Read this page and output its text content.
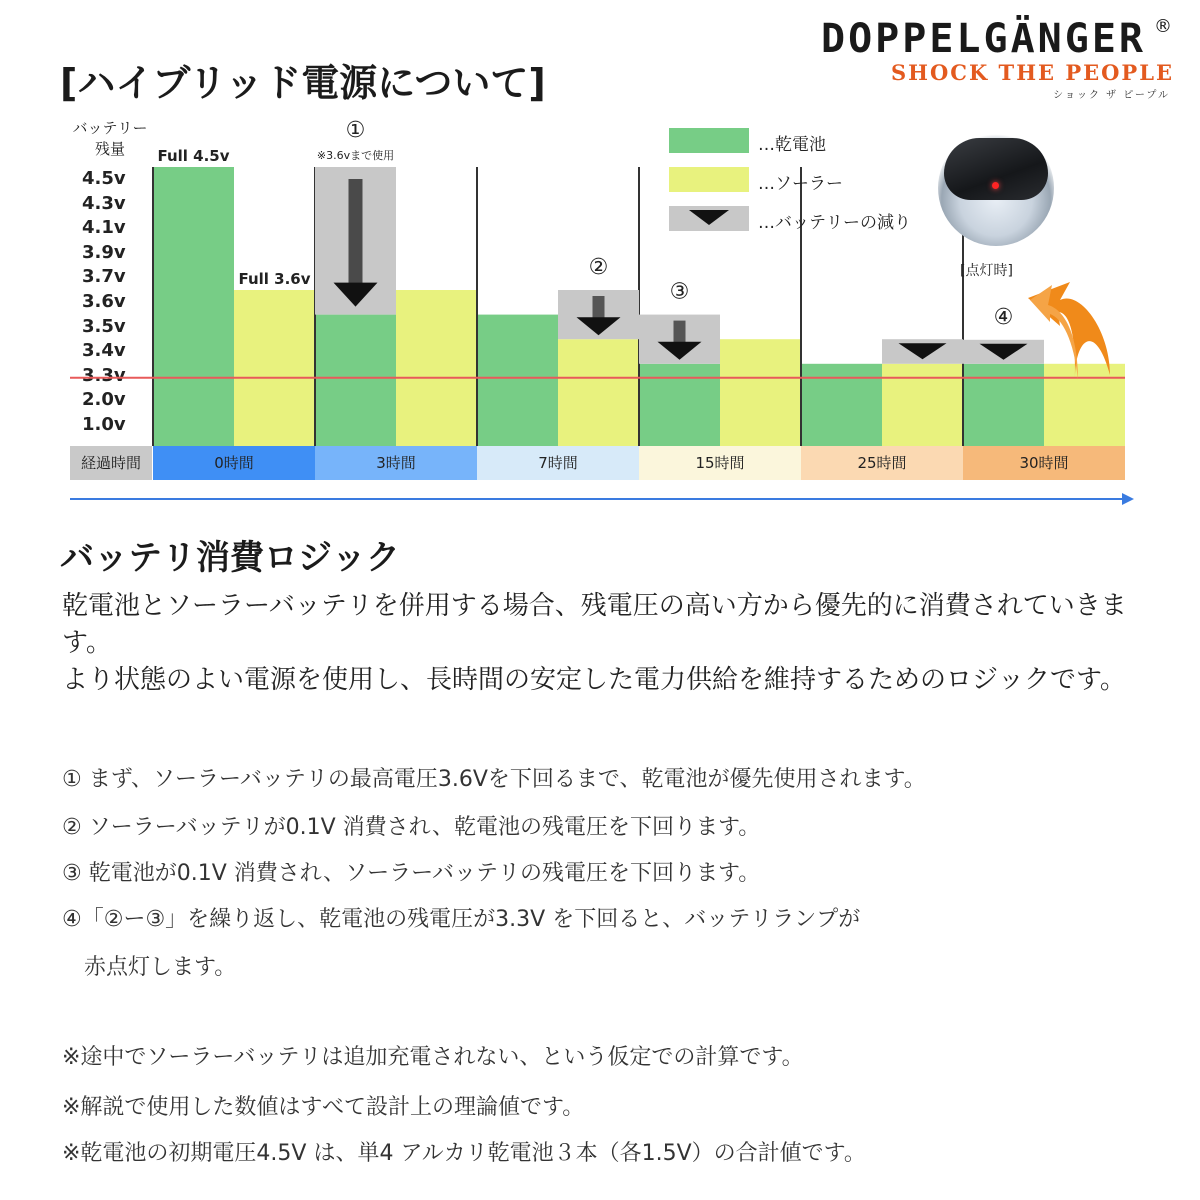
DOPPELGÄNGER ®
SHOCK THE PEOPLE
ショック ザ ピープル
[ハイブリッド電源について]
バッテリー
残量
4.5v
4.3v
4.1v
3.9v
3.7v
3.6v
3.5v
3.4v
3.3v
2.0v
1.0v
①
※3.6vまで使用
②
③
④
Full 4.5v
Full 3.6v
経過時間	0時間	3時間	7時間	15時間	25時間	30時間
…乾電池
…ソーラー
…バッテリーの減り
[点灯時]
バッテリ消費ロジック
乾電池とソーラーバッテリを併用する場合、残電圧の高い方から優先的に消費されていきます。
より状態のよい電源を使用し、長時間の安定した電力供給を維持するためのロジックです。
① まず、ソーラーバッテリの最高電圧3.6Vを下回るまで、乾電池が優先使用されます。
② ソーラーバッテリが0.1V 消費され、乾電池の残電圧を下回ります。
③ 乾電池が0.1V 消費され、ソーラーバッテリの残電圧を下回ります。
④「②ー③」を繰り返し、乾電池の残電圧が3.3V を下回ると、バッテリランプが
　赤点灯します。
※途中でソーラーバッテリは追加充電されない、という仮定での計算です。
※解説で使用した数値はすべて設計上の理論値です。
※乾電池の初期電圧4.5V は、単4 アルカリ乾電池３本（各1.5V）の合計値です。
